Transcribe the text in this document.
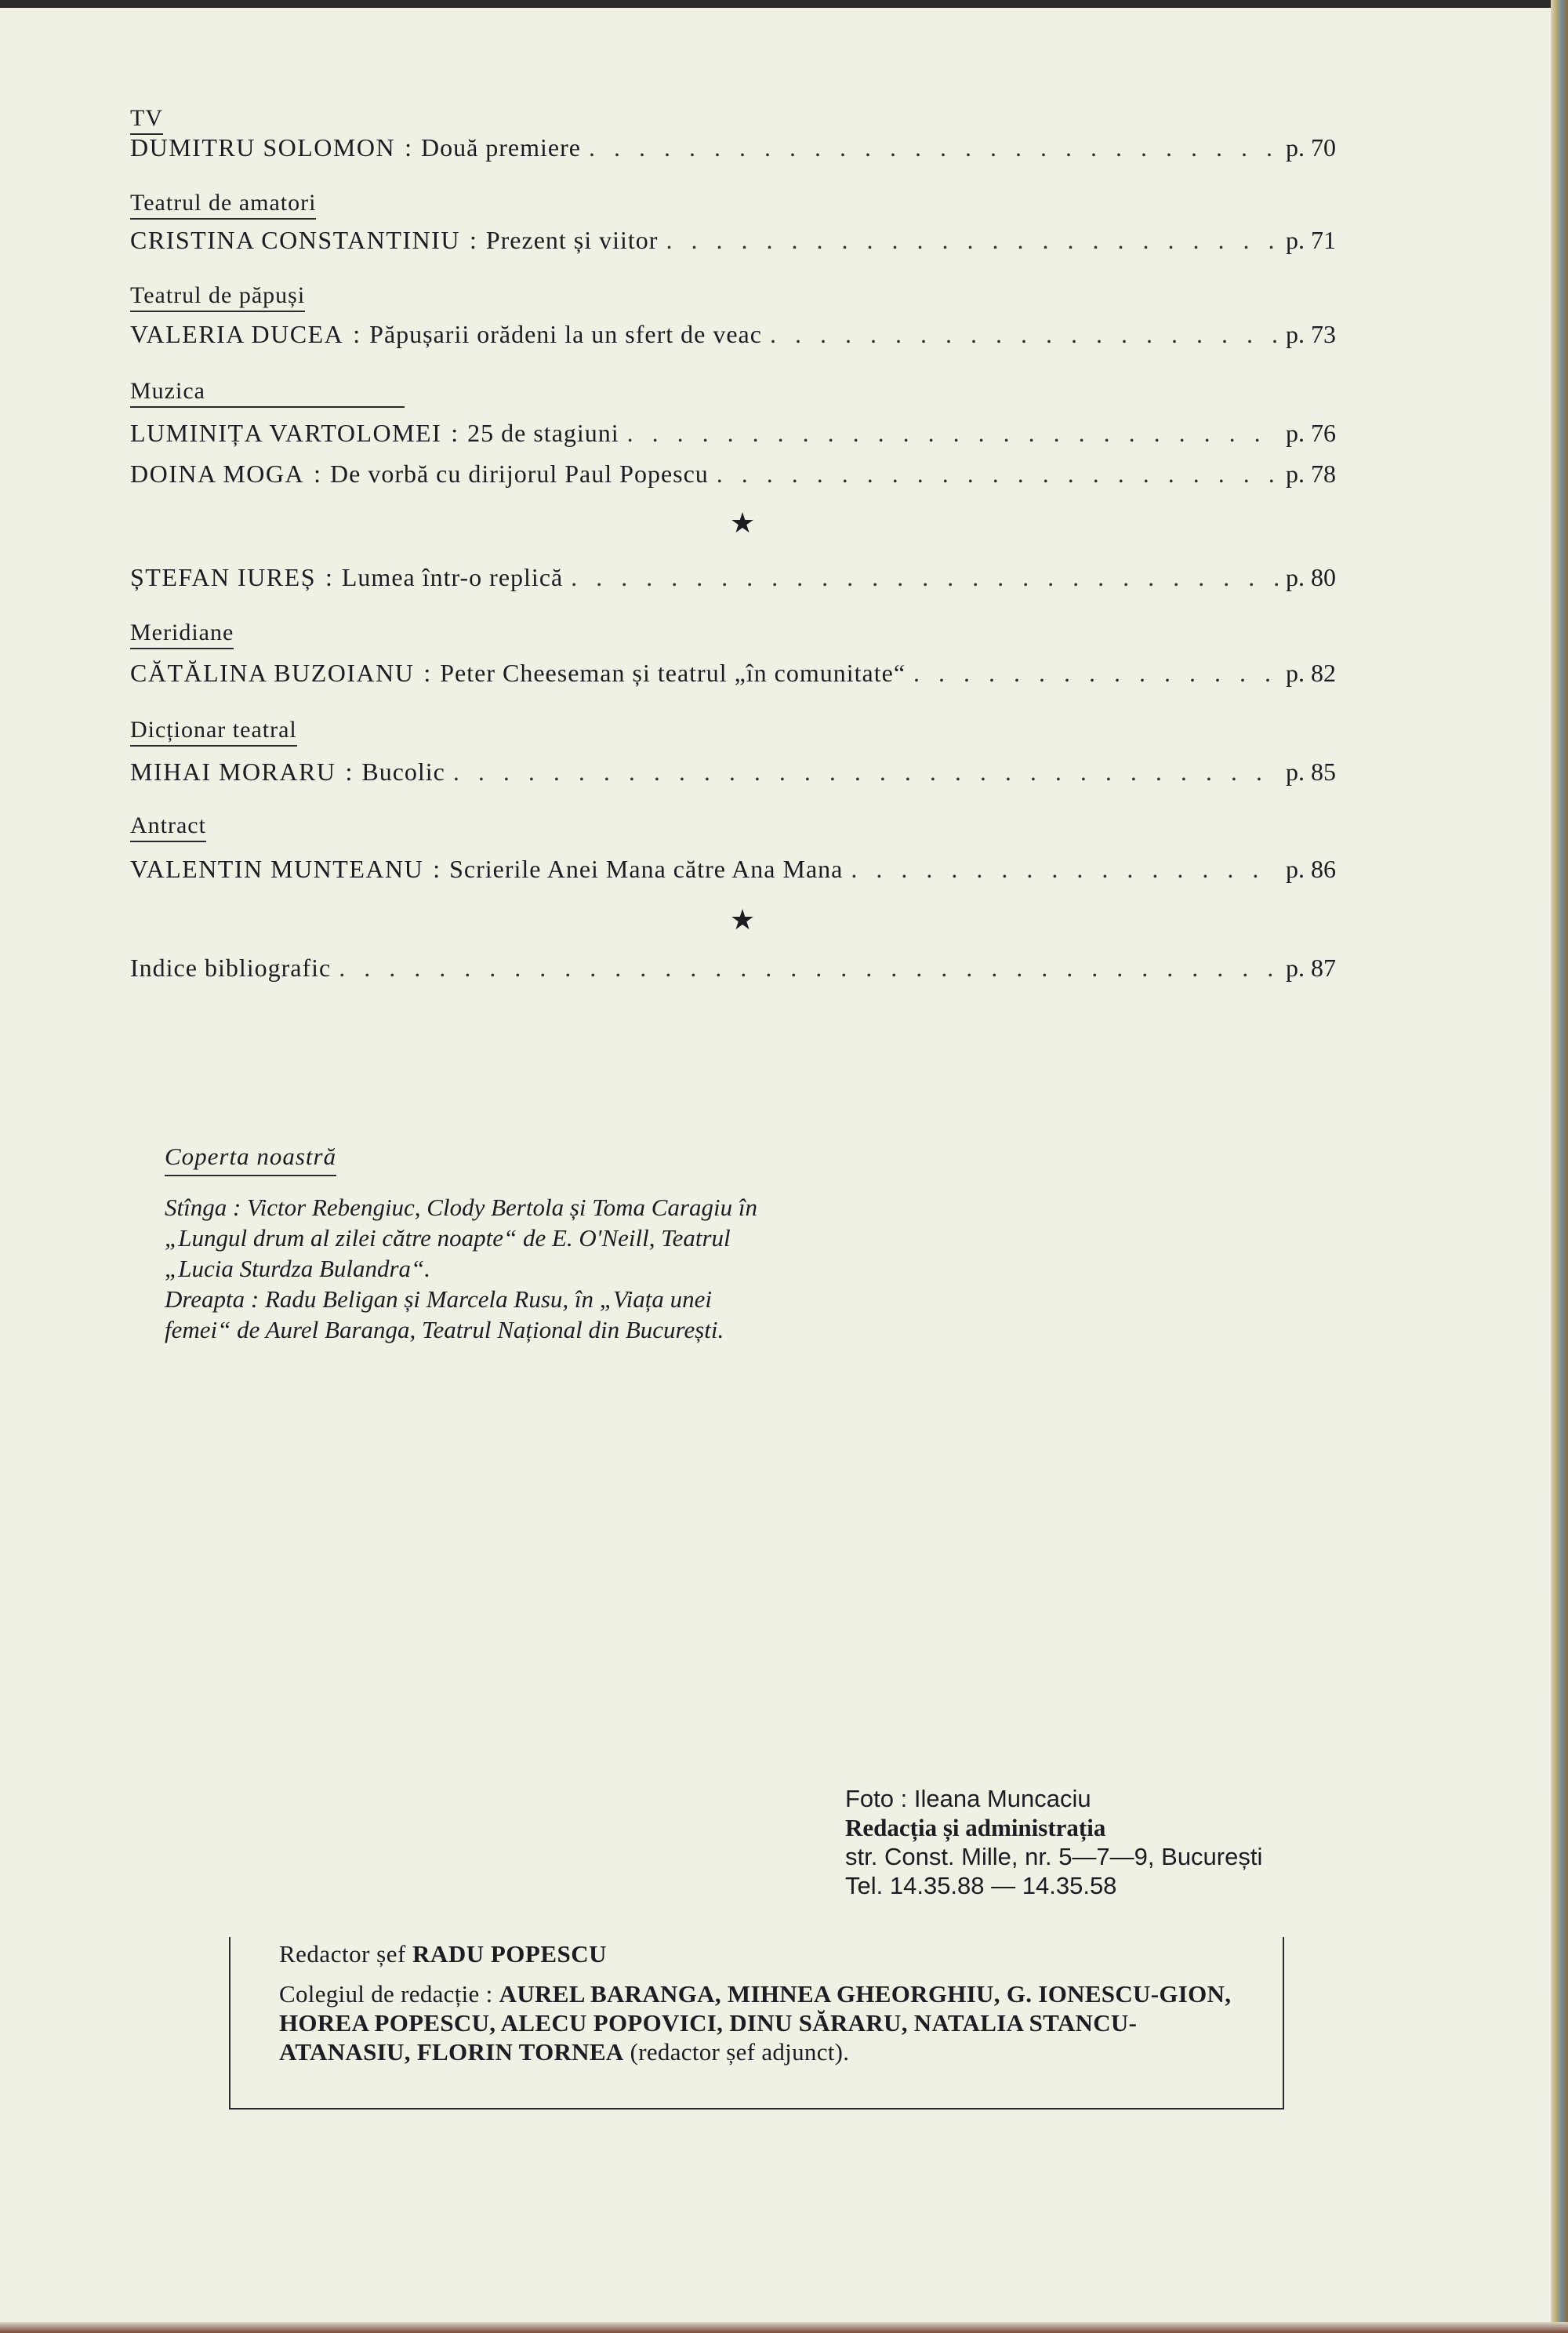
TV
DUMITRU SOLOMON : Două premiere . . .	p. 70
Teatrul de amatori
CRISTINA CONSTANTINIU : Prezent și viitor . . .	p. 71
Teatrul de păpuși
VALERIA DUCEA : Păpușarii orădeni la un sfert de veac . . .	p. 73
Muzica
LUMINIȚA VARTOLOMEI : 25 de stagiuni . . .	p. 76
DOINA MOGA : De vorbă cu dirijorul Paul Popescu . . .	p. 78
★
ȘTEFAN IUREȘ : Lumea într-o replică . . .	p. 80
Meridiane
CĂTĂLINA BUZOIANU : Peter Cheeseman și teatrul „în comunitate“ . . .	p. 82
Dicționar teatral
MIHAI MORARU : Bucolic . . .	p. 85
Antract
VALENTIN MUNTEANU : Scrierile Anei Mana către Ana Mana . . .	p. 86
★
Indice bibliografic . . .	p. 87
Coperta noastră

Stînga : Victor Rebengiuc, Clody Bertola și Toma Caragiu în „Lungul drum al zilei către noapte“ de E. O'Neill, Teatrul „Lucia Sturdza Bulandra“.

Dreapta : Radu Beligan și Marcela Rusu, în „Viața unei femei“ de Aurel Baranga, Teatrul Național din București.

Foto : Ileana Muncaciu
Redacția și administrația
str. Const. Mille, nr. 5—7—9, București
Tel. 14.35.88 — 14.35.58
Redactor șef RADU POPESCU
Colegiul de redacție : AUREL BARANGA, MIHNEA GHEORGHIU, G. IONESCU-GION, HOREA POPESCU, ALECU POPOVICI, DINU SĂRARU, NATALIA STANCU-ATANASIU, FLORIN TORNEA (redactor șef adjunct).
